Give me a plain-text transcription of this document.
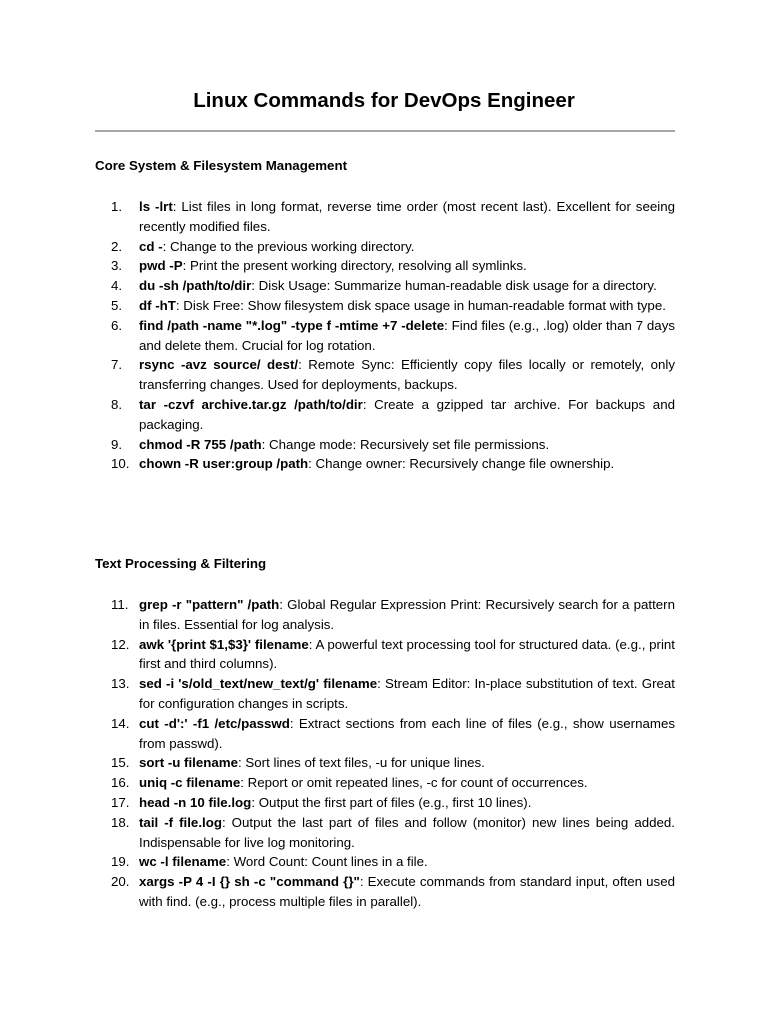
Linux Commands for DevOps Engineer
Core System & Filesystem Management
1.	ls -lrt: List files in long format, reverse time order (most recent last). Excellent for seeing recently modified files.
2.	cd -: Change to the previous working directory.
3.	pwd -P: Print the present working directory, resolving all symlinks.
4.	du -sh /path/to/dir: Disk Usage: Summarize human-readable disk usage for a directory.
5.	df -hT: Disk Free: Show filesystem disk space usage in human-readable format with type.
6.	find /path -name "*.log" -type f -mtime +7 -delete: Find files (e.g., .log) older than 7 days and delete them. Crucial for log rotation.
7.	rsync -avz source/ dest/: Remote Sync: Efficiently copy files locally or remotely, only transferring changes. Used for deployments, backups.
8.	tar -czvf archive.tar.gz /path/to/dir: Create a gzipped tar archive. For backups and packaging.
9.	chmod -R 755 /path: Change mode: Recursively set file permissions.
10. chown -R user:group /path: Change owner: Recursively change file ownership.
Text Processing & Filtering
11. grep -r "pattern" /path: Global Regular Expression Print: Recursively search for a pattern in files. Essential for log analysis.
12. awk '{print $1,$3}' filename: A powerful text processing tool for structured data. (e.g., print first and third columns).
13. sed -i 's/old_text/new_text/g' filename: Stream Editor: In-place substitution of text. Great for configuration changes in scripts.
14. cut -d':' -f1 /etc/passwd: Extract sections from each line of files (e.g., show usernames from passwd).
15. sort -u filename: Sort lines of text files, -u for unique lines.
16. uniq -c filename: Report or omit repeated lines, -c for count of occurrences.
17. head -n 10 file.log: Output the first part of files (e.g., first 10 lines).
18. tail -f file.log: Output the last part of files and follow (monitor) new lines being added. Indispensable for live log monitoring.
19. wc -l filename: Word Count: Count lines in a file.
20. xargs -P 4 -I {} sh -c "command {}": Execute commands from standard input, often used with find. (e.g., process multiple files in parallel).
